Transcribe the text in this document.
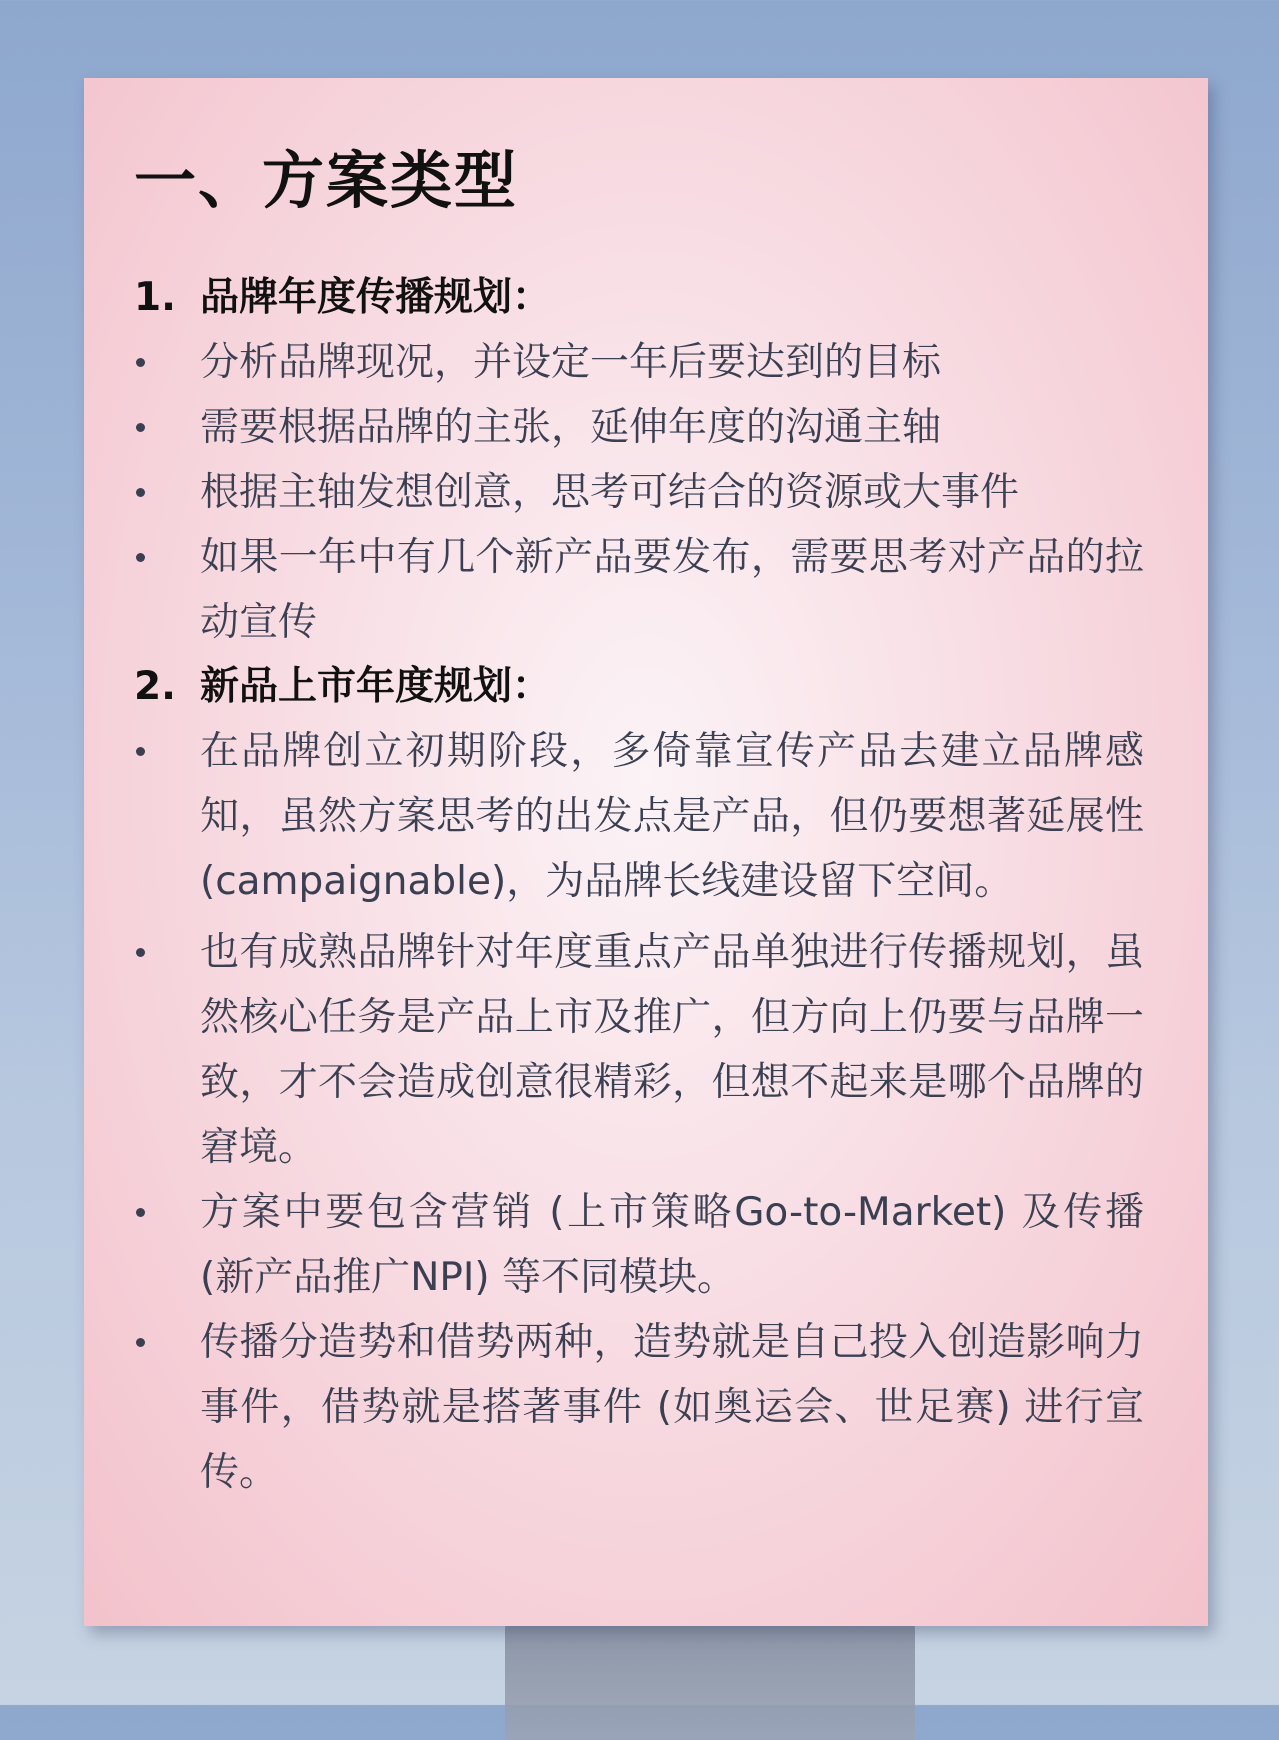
一、方案类型
1. 品牌年度传播规划：
分析品牌现况，并设定一年后要达到的目标
需要根据品牌的主张，延伸年度的沟通主轴
根据主轴发想创意，思考可结合的资源或大事件
如果一年中有几个新产品要发布，需要思考对产品的拉动宣传
2. 新品上市年度规划：
在品牌创立初期阶段，多倚靠宣传产品去建立品牌感知，虽然方案思考的出发点是产品，但仍要想著延展性(campaignable)，为品牌长线建设留下空间。
也有成熟品牌针对年度重点产品单独进行传播规划，虽然核心任务是产品上市及推广，但方向上仍要与品牌一致，才不会造成创意很精彩，但想不起来是哪个品牌的窘境。
方案中要包含营销 (上市策略Go-to-Market) 及传播 (新产品推广NPI) 等不同模块。
传播分造势和借势两种，造势就是自己投入创造影响力事件，借势就是搭著事件 (如奥运会、世足赛) 进行宣传。
